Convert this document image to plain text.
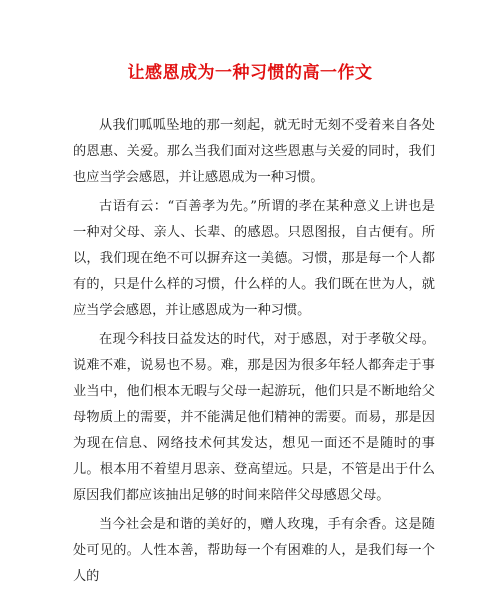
让感恩成为一种习惯的高一作文

从我们呱呱坠地的那一刻起，就无时无刻不受着来自各处的恩惠、关爱。那么当我们面对这些恩惠与关爱的同时，我们也应当学会感恩，并让感恩成为一种习惯。

古语有云：“百善孝为先。”所谓的孝在某种意义上讲也是一种对父母、亲人、长辈、的感恩。只恩图报，自古便有。所以，我们现在绝不可以摒弃这一美德。习惯，那是每一个人都有的，只是什么样的习惯，什么样的人。我们既在世为人，就应当学会感恩，并让感恩成为一种习惯。

在现今科技日益发达的时代，对于感恩，对于孝敬父母。说难不难，说易也不易。难，那是因为很多年轻人都奔走于事业当中，他们根本无暇与父母一起游玩，他们只是不断地给父母物质上的需要，并不能满足他们精神的需要。而易，那是因为现在信息、网络技术何其发达，想见一面还不是随时的事儿。根本用不着望月思亲、登高望远。只是，不管是出于什么原因我们都应该抽出足够的时间来陪伴父母感恩父母。

当今社会是和谐的美好的，赠人玫瑰，手有余香。这是随处可见的。人性本善，帮助每一个有困难的人，是我们每一个人的
